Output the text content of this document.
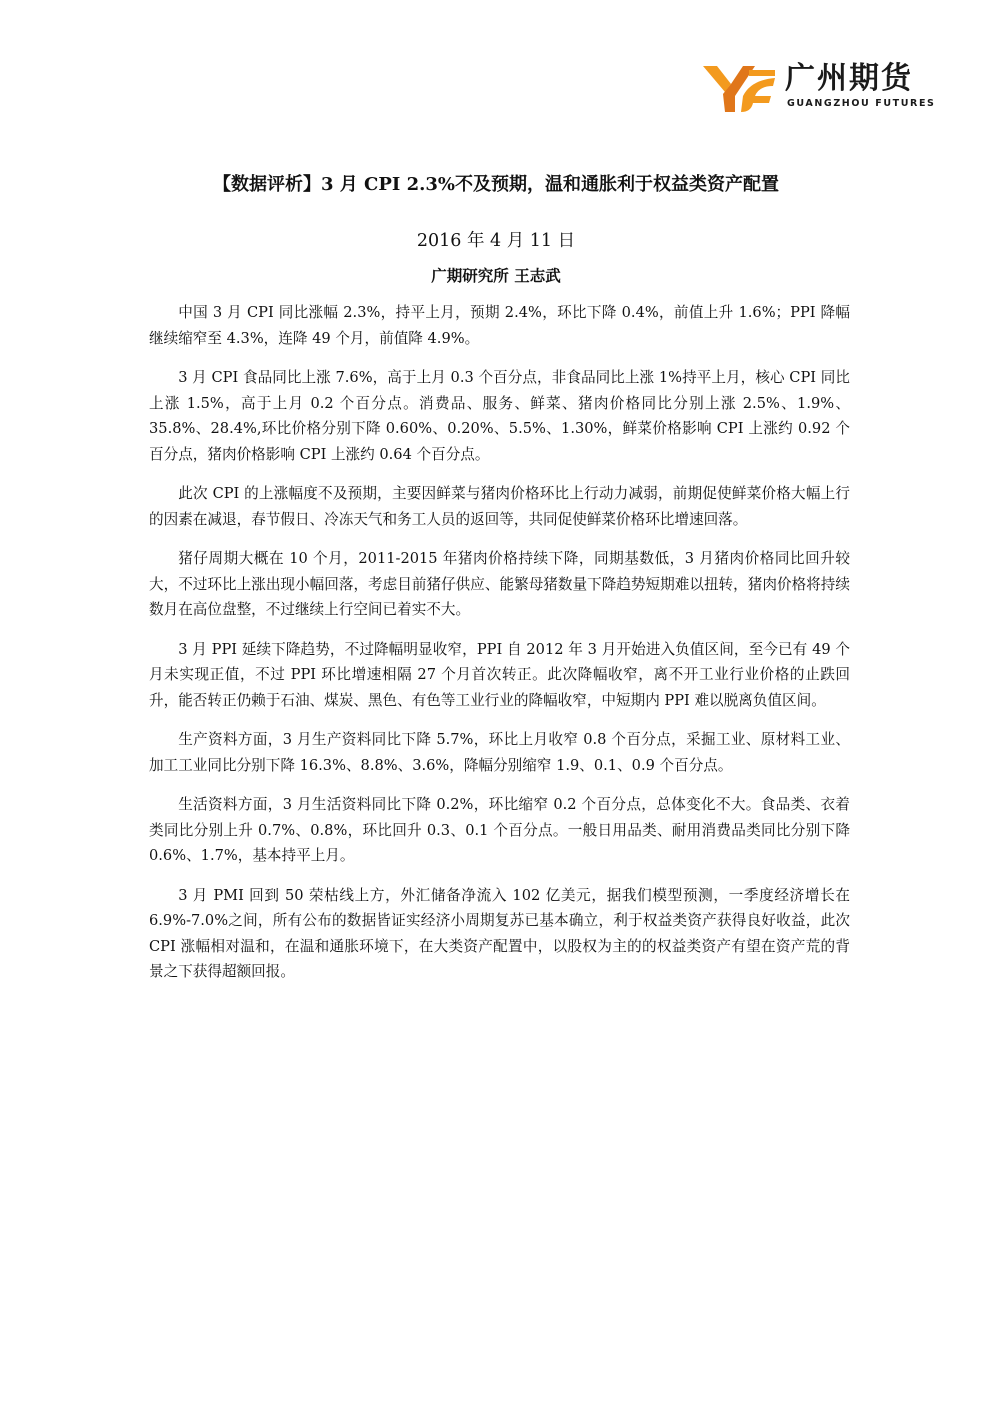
广州期货
GUANGZHOU FUTURES
【数据评析】3 月 CPI 2.3%不及预期，温和通胀利于权益类资产配置
2016 年 4 月 11 日
广期研究所 王志武

中国 3 月 CPI 同比涨幅 2.3%，持平上月，预期 2.4%，环比下降 0.4%，前值上升 1.6%；PPI 降幅继续缩窄至 4.3%，连降 49 个月，前值降 4.9%。

3 月 CPI 食品同比上涨 7.6%，高于上月 0.3 个百分点，非食品同比上涨 1%持平上月，核心 CPI 同比上涨 1.5%，高于上月 0.2 个百分点。消费品、服务、鲜菜、猪肉价格同比分别上涨 2.5%、1.9%、35.8%、28.4%,环比价格分别下降 0.60%、0.20%、5.5%、1.30%，鲜菜价格影响 CPI 上涨约 0.92 个百分点，猪肉价格影响 CPI 上涨约 0.64 个百分点。

此次 CPI 的上涨幅度不及预期，主要因鲜菜与猪肉价格环比上行动力减弱，前期促使鲜菜价格大幅上行的因素在减退，春节假日、冷冻天气和务工人员的返回等，共同促使鲜菜价格环比增速回落。

猪仔周期大概在 10 个月，2011-2015 年猪肉价格持续下降，同期基数低，3 月猪肉价格同比回升较大，不过环比上涨出现小幅回落，考虑目前猪仔供应、能繁母猪数量下降趋势短期难以扭转，猪肉价格将持续数月在高位盘整，不过继续上行空间已着实不大。

3 月 PPI 延续下降趋势，不过降幅明显收窄，PPI 自 2012 年 3 月开始进入负值区间，至今已有 49 个月未实现正值，不过 PPI 环比增速相隔 27 个月首次转正。此次降幅收窄，离不开工业行业价格的止跌回升，能否转正仍赖于石油、煤炭、黑色、有色等工业行业的降幅收窄，中短期内 PPI 难以脱离负值区间。

生产资料方面，3 月生产资料同比下降 5.7%，环比上月收窄 0.8 个百分点，采掘工业、原材料工业、加工工业同比分别下降 16.3%、8.8%、3.6%，降幅分别缩窄 1.9、0.1、0.9 个百分点。

生活资料方面，3 月生活资料同比下降 0.2%，环比缩窄 0.2 个百分点，总体变化不大。食品类、衣着类同比分别上升 0.7%、0.8%，环比回升 0.3、0.1 个百分点。一般日用品类、耐用消费品类同比分别下降 0.6%、1.7%，基本持平上月。

3 月 PMI 回到 50 荣枯线上方，外汇储备净流入 102 亿美元，据我们模型预测，一季度经济增长在 6.9%-7.0%之间，所有公布的数据皆证实经济小周期复苏已基本确立，利于权益类资产获得良好收益，此次 CPI 涨幅相对温和，在温和通胀环境下，在大类资产配置中，以股权为主的的权益类资产有望在资产荒的背景之下获得超额回报。
